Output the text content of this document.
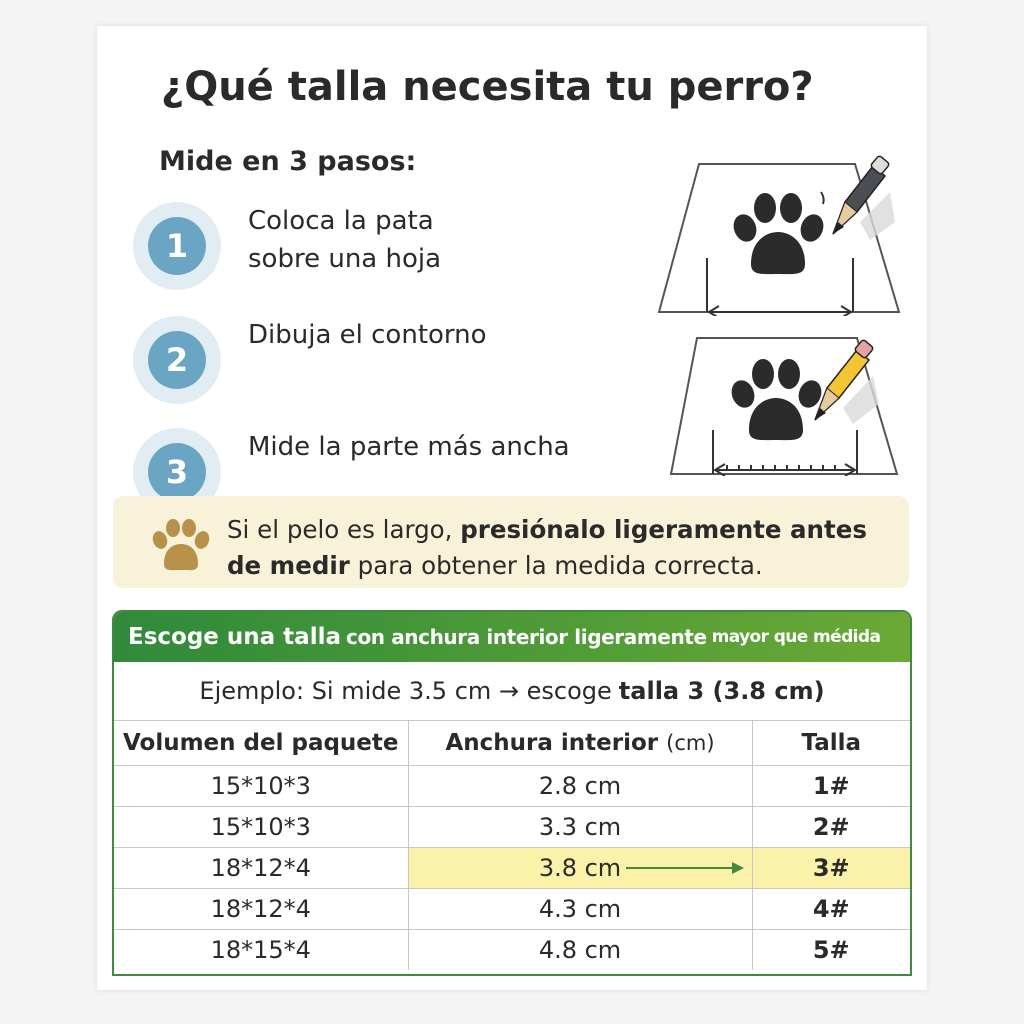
¿Qué talla necesita tu perro?
Mide en 3 pasos:
1
Coloca la pata
sobre una hoja
2
Dibuja el contorno
3
Mide la parte más ancha
Si el pelo es largo, presiónalo ligeramente antes de medir para obtener la medida correcta.
Escoge una talla con anchura interior ligeramente mayor que médida
Ejemplo: Si mide 3.5 cm → escoge talla 3 (3.8 cm)
Volumen del paquete	Anchura interior (cm)	Talla
15*10*3	2.8 cm	1#
15*10*3	3.3 cm	2#
18*12*4	3.8 cm	3#
18*12*4	4.3 cm	4#
18*15*4	4.8 cm	5#
